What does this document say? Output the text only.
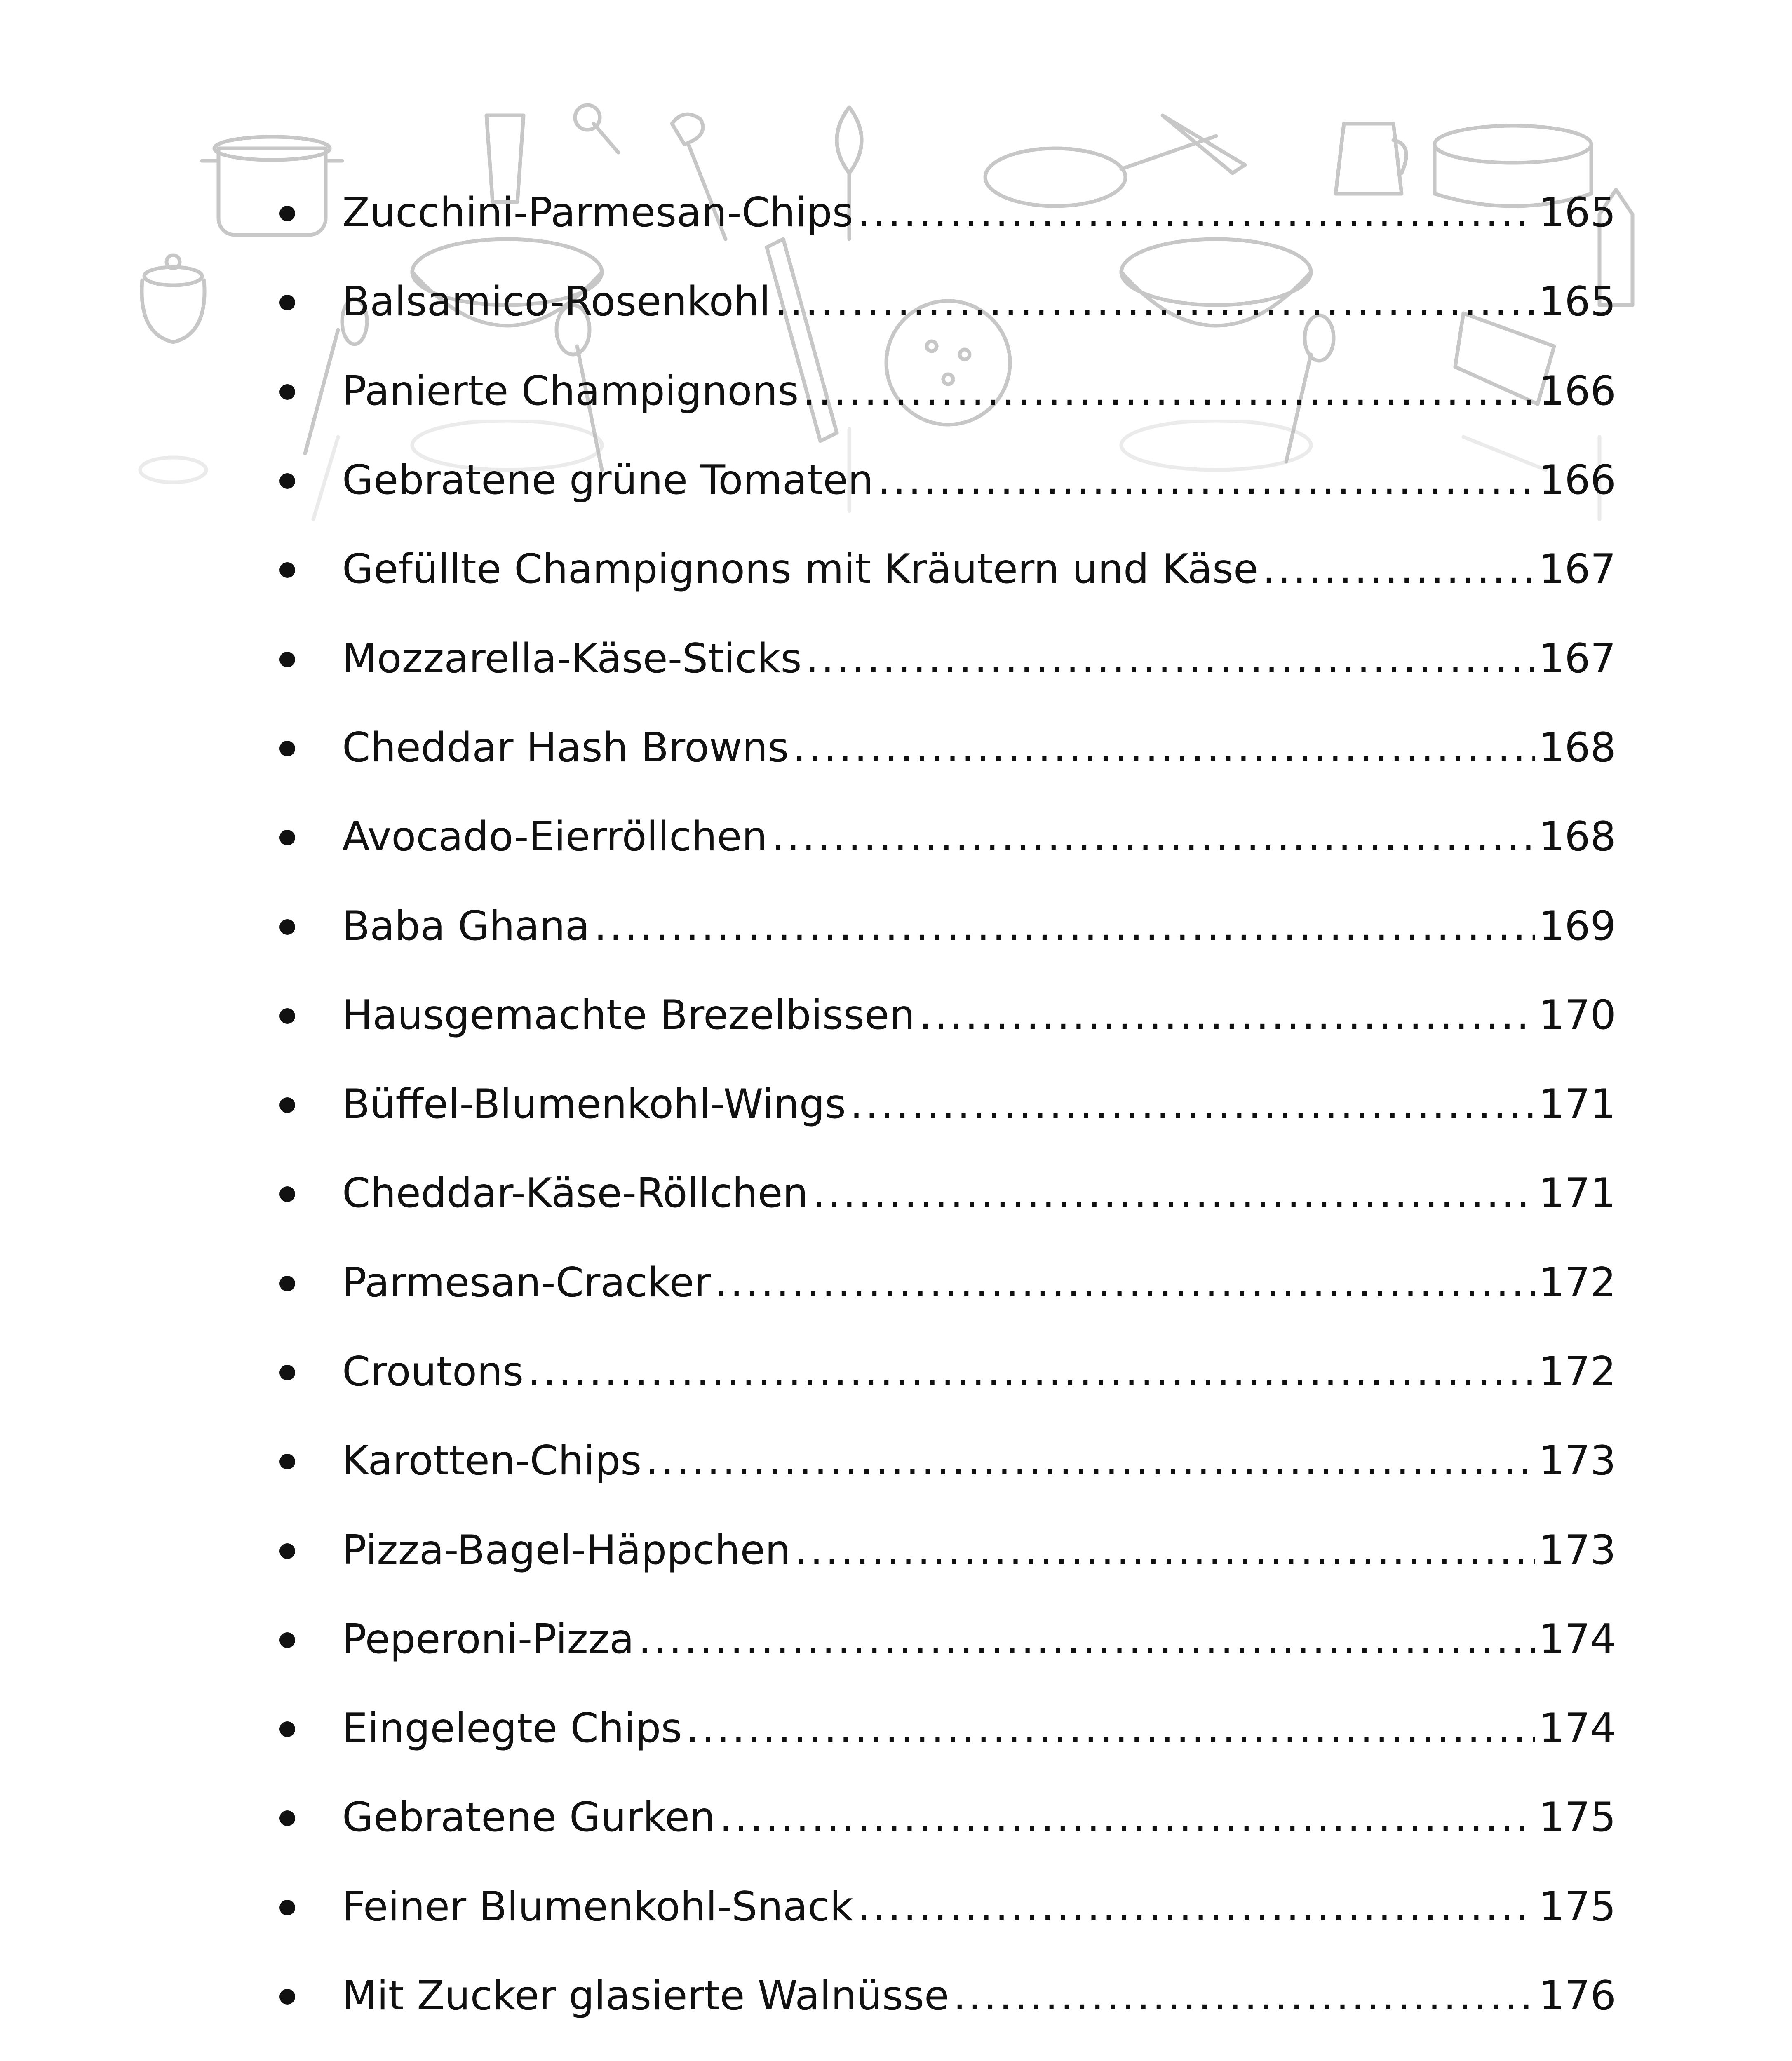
Zucchini-Parmesan-Chips .....	165
Balsamico-Rosenkohl .....	165
Panierte Champignons .....	166
Gebratene grüne Tomaten .....	166
Gefüllte Champignons mit Kräutern und Käse .....	167
Mozzarella-Käse-Sticks .....	167
Cheddar Hash Browns .....	168
Avocado-Eierröllchen .....	168
Baba Ghana .....	169
Hausgemachte Brezelbissen .....	170
Büffel-Blumenkohl-Wings .....	171
Cheddar-Käse-Röllchen .....	171
Parmesan-Cracker .....	172
Croutons .....	172
Karotten-Chips .....	173
Pizza-Bagel-Häppchen .....	173
Peperoni-Pizza .....	174
Eingelegte Chips .....	174
Gebratene Gurken .....	175
Feiner Blumenkohl-Snack .....	175
Mit Zucker glasierte Walnüsse .....	176
